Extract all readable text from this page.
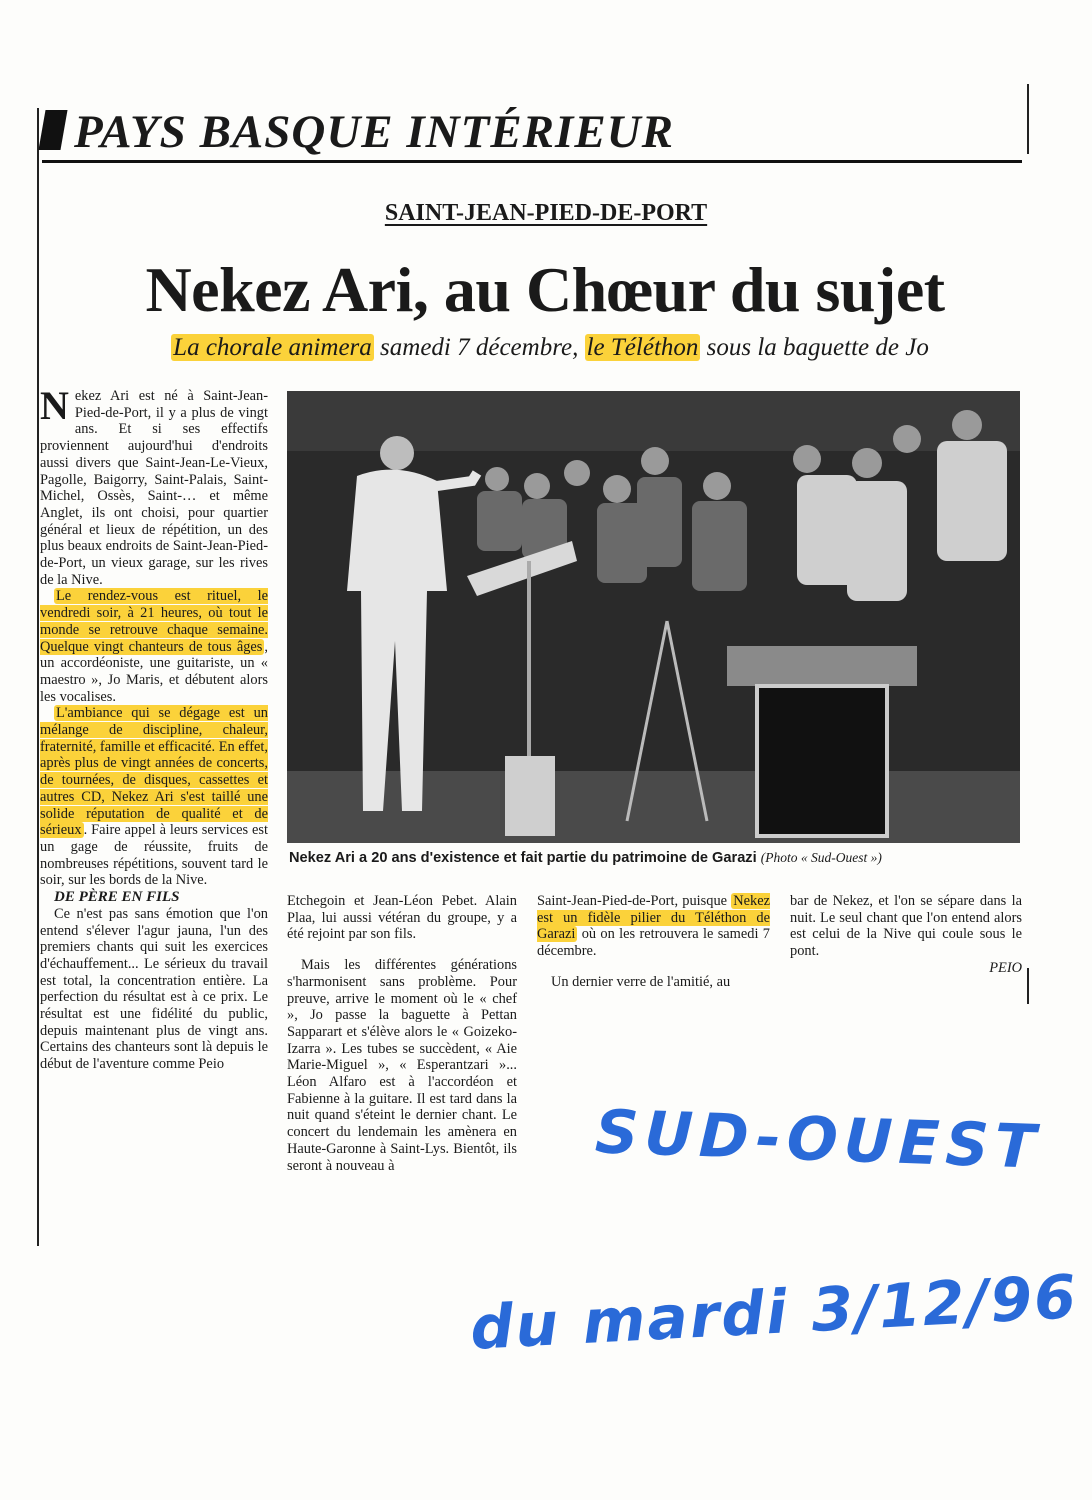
PAYS BASQUE INTÉRIEUR
SAINT-JEAN-PIED-DE-PORT
Nekez Ari, au Chœur du sujet
La chorale animera samedi 7 décembre, le Téléthon sous la baguette de Jo

Nekez Ari est né à Saint-Jean-Pied-de-Port, il y a plus de vingt ans. Et si ses effectifs proviennent aujourd'hui d'endroits aussi divers que Saint-Jean-Le-Vieux, Pagolle, Baigorry, Saint-Palais, Saint-Michel, Ossès, Saint-… et même Anglet, ils ont choisi, pour quartier général et lieux de répétition, un des plus beaux endroits de Saint-Jean-Pied-de-Port, un vieux garage, sur les rives de la Nive.

Le rendez-vous est rituel, le vendredi soir, à 21 heures, où tout le monde se retrouve chaque semaine. Quelque vingt chanteurs de tous âges , un accordéoniste, une guitariste, un « maestro », Jo Maris, et débutent alors les vocalises.

L'ambiance qui se dégage est un mélange de discipline, chaleur, fraternité, famille et efficacité. En effet, après plus de vingt années de concerts, de tournées, de disques, cassettes et autres CD, Nekez Ari s'est taillé une solide réputation de qualité et de sérieux . Faire appel à leurs services est un gage de réussite, fruits de nombreuses répétitions, souvent tard le soir, sur les bords de la Nive.

DE PÈRE EN FILS

Ce n'est pas sans émotion que l'on entend s'élever l'agur jauna, l'un des premiers chants qui suit les exercices d'échauffement... Le sérieux du travail est total, la concentration entière. La perfection du résultat est à ce prix. Le résultat est une fidélité du public, depuis maintenant plus de vingt ans. Certains des chanteurs sont là depuis le début de l'aventure comme Peio

Nekez Ari a 20 ans d'existence et fait partie du patrimoine de Garazi (Photo « Sud-Ouest »)

Etchegoin et Jean-Léon Pebet. Alain Plaa, lui aussi vétéran du groupe, y a été rejoint par son fils.

Mais les différentes générations s'harmonisent sans problème. Pour preuve, arrive le moment où le « chef », Jo passe la baguette à Pettan Sapparart et s'élève alors le « Goizeko-Izarra ». Les tubes se succèdent, « Aie Marie-Miguel », « Esperantzari »... Léon Alfaro est à l'accordéon et Fabienne à la guitare. Il est tard dans la nuit quand s'éteint le dernier chant. Le concert du lendemain les amènera en Haute-Garonne à Saint-Lys. Bientôt, ils seront à nouveau à

Saint-Jean-Pied-de-Port, puisque Nekez est un fidèle pilier du Téléthon de Garazi où on les retrouvera le samedi 7 décembre.

Un dernier verre de l'amitié, au

bar de Nekez, et l'on se sépare dans la nuit. Le seul chant que l'on entend alors est celui de la Nive qui coule sous le pont.

PEIO

SUD-OUEST
du mardi 3/12/96
